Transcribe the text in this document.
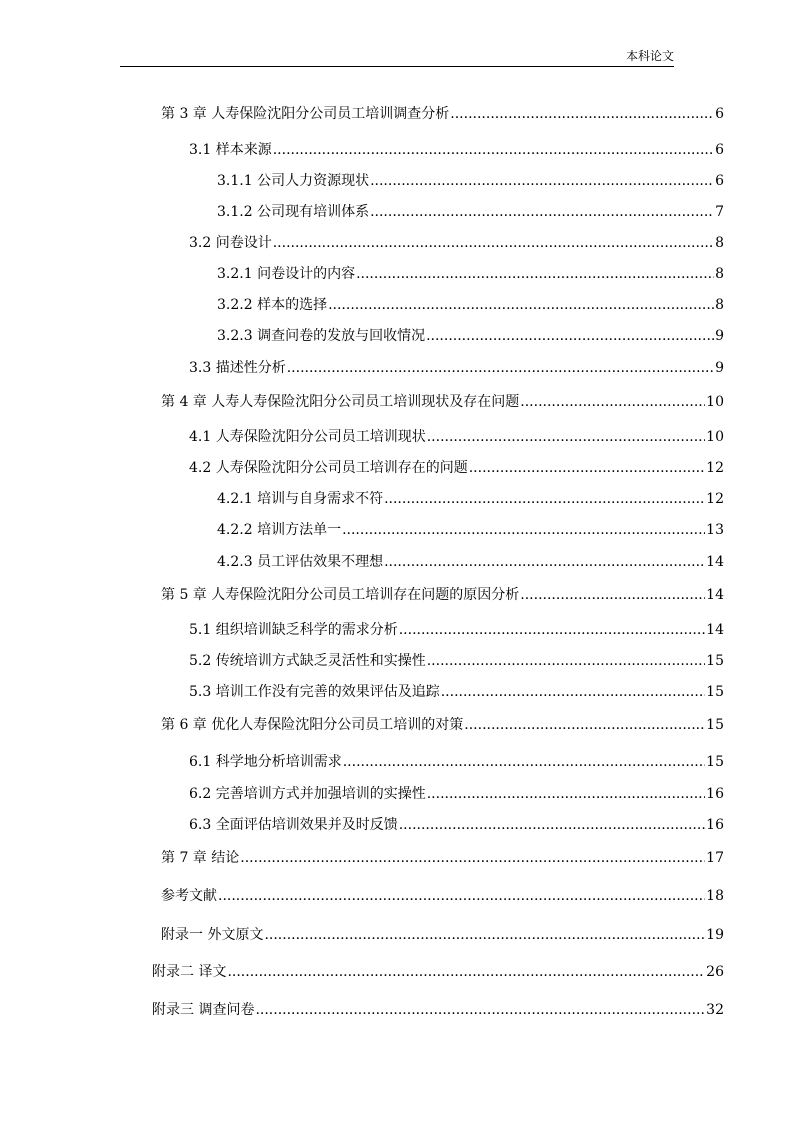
本科论文
第 3 章 人寿保险沈阳分公司员工培训调查分析 .....	6
3.1 样本来源 .....	6
3.1.1 公司人力资源现状 .....	6
3.1.2 公司现有培训体系 .....	7
3.2 问卷设计 .....	8
3.2.1 问卷设计的内容 .....	8
3.2.2 样本的选择 .....	8
3.2.3 调查问卷的发放与回收情况 .....	9
3.3 描述性分析 .....	9
第 4 章 人寿人寿保险沈阳分公司员工培训现状及存在问题 .....	10
4.1 人寿保险沈阳分公司员工培训现状 .....	10
4.2 人寿保险沈阳分公司员工培训存在的问题 .....	12
4.2.1 培训与自身需求不符 .....	12
4.2.2 培训方法单一 .....	13
4.2.3 员工评估效果不理想 .....	14
第 5 章 人寿保险沈阳分公司员工培训存在问题的原因分析 .....	14
5.1 组织培训缺乏科学的需求分析 .....	14
5.2 传统培训方式缺乏灵活性和实操性 .....	15
5.3 培训工作没有完善的效果评估及追踪 .....	15
第 6 章 优化人寿保险沈阳分公司员工培训的对策 .....	15
6.1 科学地分析培训需求 .....	15
6.2 完善培训方式并加强培训的实操性 .....	16
6.3 全面评估培训效果并及时反馈 .....	16
第 7 章 结论 .....	17
参考文献 .....	18
附录一 外文原文 .....	19
附录二 译文 .....	26
附录三 调查问卷 .....	32
